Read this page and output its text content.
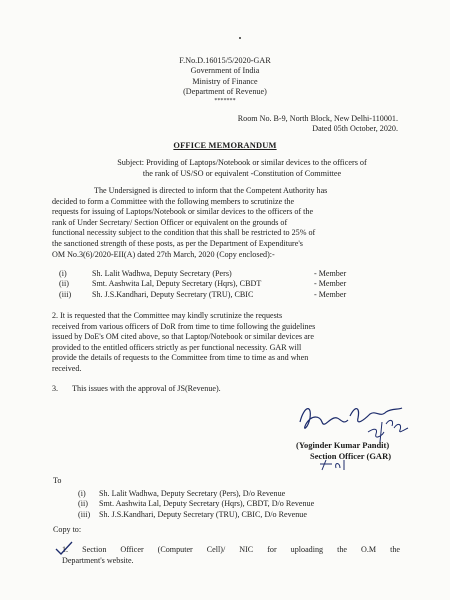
F.No.D.16015/5/2020-GAR
Government of India
Ministry of Finance
(Department of Revenue)
*******
Room No. B-9, North Block, New Delhi-110001.
Dated 05th October, 2020.
OFFICE MEMORANDUM
Subject: Providing of Laptops/Notebook or similar devices to the officers of
the rank of US/SO or equivalent -Constitution of Committee
The Undersigned is directed to inform that the Competent Authority has
decided to form a Committee with the following members to scrutinize the
requests for issuing of Laptops/Notebook or similar devices to the officers of the
rank of Under Secretary/ Section Officer or equivalent on the grounds of
functional necessity subject to the condition that this shall be restricted to 25% of
the sanctioned strength of these posts, as per the Department of Expenditure's
OM No.3(6)/2020-EII(A) dated 27th March, 2020 (Copy enclosed):-
(i)	Sh. Lalit Wadhwa, Deputy Secretary (Pers)	- Member
(ii)	Smt. Aashwita Lal, Deputy Secretary (Hqrs), CBDT	- Member
(iii)	Sh. J.S.Kandhari, Deputy Secretary (TRU), CBIC	- Member
2. It is requested that the Committee may kindly scrutinize the requests
received from various officers of DoR from time to time following the guidelines
issued by DoE's OM cited above, so that Laptop/Notebook or similar devices are
provided to the entitled officers strictly as per functional necessity. GAR will
provide the details of requests to the Committee from time to time as and when
received.
3.       This issues with the approval of JS(Revenue).
(Yoginder Kumar Pandit)
Section Officer (GAR)
To
(i) Sh. Lalit Wadhwa, Deputy Secretary (Pers), D/o Revenue
(ii) Smt. Aashwita Lal, Deputy Secretary (Hqrs), CBDT, D/o Revenue
(iii) Sh. J.S.Kandhari, Deputy Secretary (TRU), CBIC, D/o Revenue
Copy to:
1. Section Officer (Computer Cell)/ NIC for uploading the O.M the
Department's website.
